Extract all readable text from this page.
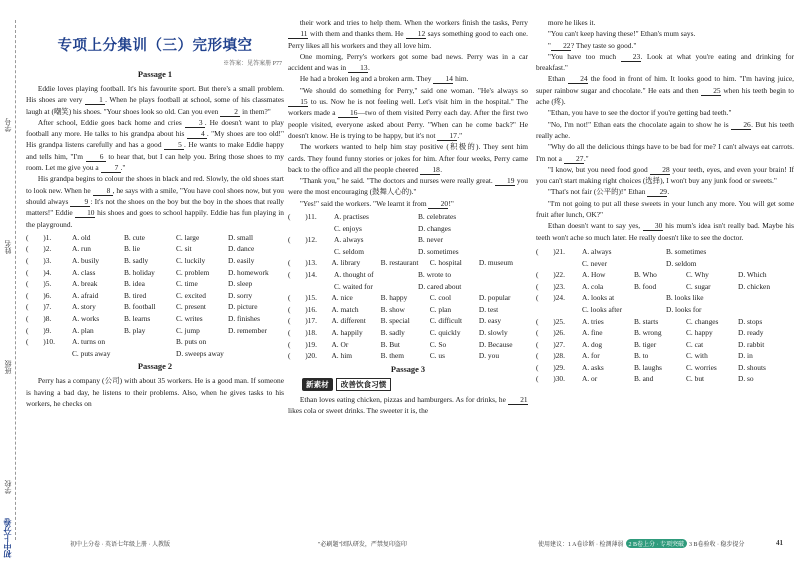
学号
姓名
班级
学校
初中上分卷
专项上分集训（三）完形填空
※答案：见答案册 P77
Passage 1

Eddie loves playing football. It's his favourite sport. But there's a small problem. His shoes are very 1 . When he plays football at school, some of his classmates laugh at (嘲笑) his shoes. "Your shoes look so old. Can you even 2 in them?"

After school, Eddie goes back home and cries 3 . He doesn't want to play football any more. He talks to his grandpa about his 4 . "My shoes are too old!" His grandpa listens carefully and has a good 5 . He wants to make Eddie happy and tells him, "I'm 6 to hear that, but I can help you. Bring those shoes to my room. Let me give you a 7 ."

His grandpa begins to colour the shoes in black and red. Slowly, the old shoes start to look new. When he 8 , he says with a smile, "You have cool shoes now, but you should always 9 : It's not the shoes on the boy but the boy in the shoes that really matters!" Eddie 10 his shoes and goes to school happily. Eddie has fun playing in the playground.

(　　)1.	A. old	B. cute	C. large	D. small
(　　)2.	A. run	B. lie	C. sit	D. dance
(　　)3.	A. busily	B. sadly	C. luckily	D. easily
(　　)4.	A. class	B. holiday	C. problem	D. homework
(　　)5.	A. break	B. idea	C. time	D. sleep
(　　)6.	A. afraid	B. tired	C. excited	D. sorry
(　　)7.	A. story	B. football	C. present	D. picture
(　　)8.	A. works	B. learns	C. writes	D. finishes
(　　)9.	A. plan	B. play	C. jump	D. remember
(　　)10.	A. turns on	B. puts on
C. puts away	D. sweeps away
Passage 2

Perry has a company (公司) with about 35 workers. He is a good man. If someone is having a bad day, he listens to their problems. Also, when he gives tasks to his workers, he checks on

their work and tries to help them. When the workers finish the tasks, Perry 11 with them and thanks them. He 12 says something good to each one. Perry likes all his workers and they all love him.

One morning, Perry's workers got some bad news. Perry was in a car accident and was in 13.

He had a broken leg and a broken arm. They 14 him.

"We should do something for Perry," said one woman. "He's always so 15 to us. Now he is not feeling well. Let's visit him in the hospital." The workers made a 16—two of them visited Perry each day. After the first two people visited, everyone asked about Perry. "When can he come back?" He doesn't know. He is trying to be happy, but it's not 17."

The workers wanted to help him stay positive (积极的). They sent him cards. They found funny stories or jokes for him. After four weeks, Perry came back to the office and all the people cheered 18.

"Thank you," he said. "The doctors and nurses were really great. 19 you were the most encouraging (鼓舞人心的)."

"Yes!" said the workers. "We learnt it from 20!"

(　　)11.	A. practises	B. celebrates
C. enjoys	D. changes
(　　)12.	A. always	B. never
C. seldom	D. sometimes
(　　)13.	A. library	B. restaurant	C. hospital	D. museum
(　　)14.	A. thought of	B. wrote to
C. waited for	D. cared about
(　　)15.	A. nice	B. happy	C. cool	D. popular
(　　)16.	A. match	B. show	C. plan	D. test
(　　)17.	A. different	B. special	C. difficult	D. easy
(　　)18.	A. happily	B. sadly	C. quickly	D. slowly
(　　)19.	A. Or	B. But	C. So	D. Because
(　　)20.	A. him	B. them	C. us	D. you
Passage 3
新素材	改善饮食习惯

Ethan loves eating chicken, pizzas and hamburgers. As for drinks, he 21 likes cola or sweet drinks. The sweeter it is, the

more he likes it.

"You can't keep having these!" Ethan's mum says.

" 22? They taste so good."

"You have too much 23. Look at what you're eating and drinking for breakfast."

Ethan 24 the food in front of him. It looks good to him. "I'm having juice, super rainbow sugar and chocolate." He eats and then 25 when his teeth begin to ache (疼).

"Ethan, you have to see the doctor if you're getting bad teeth."

"No, I'm not!" Ethan eats the chocolate again to show he is 26. But his teeth really ache.

"Why do all the delicious things have to be bad for me? I can't always eat carrots. I'm not a 27."

"I know, but you need food good 28 your teeth, eyes, and even your brain! If you can't start making right choices (选择), I won't buy any junk food or sweets."

"That's not fair (公平的)!" Ethan 29.

"I'm not going to put all these sweets in your lunch any more. You will get some fruit after lunch, OK?"

Ethan doesn't want to say yes, 30 his mum's idea isn't really bad. Maybe his teeth won't ache so much later. He really doesn't like to see the doctor.

(　　)21.	A. always	B. sometimes
C. never	D. seldom
(　　)22.	A. How	B. Who	C. Why	D. Which
(　　)23.	A. cola	B. food	C. sugar	D. chicken
(　　)24.	A. looks at	B. looks like
C. looks after	D. looks for
(　　)25.	A. tries	B. starts	C. changes	D. stops
(　　)26.	A. fine	B. wrong	C. happy	D. ready
(　　)27.	A. dog	B. tiger	C. cat	D. rabbit
(　　)28.	A. for	B. to	C. with	D. in
(　　)29.	A. asks	B. laughs	C. worries	D. shouts
(　　)30.	A. or	B. and	C. but	D. so
初中上分卷 · 英语七年级上册 · 人教版	"必刷题"团队研发，严禁复印盗印	使用建议： 1 A卷诊断 · 检测薄弱 2 B卷上分 · 专项突破 3 B卷验收 · 稳步提分	41
